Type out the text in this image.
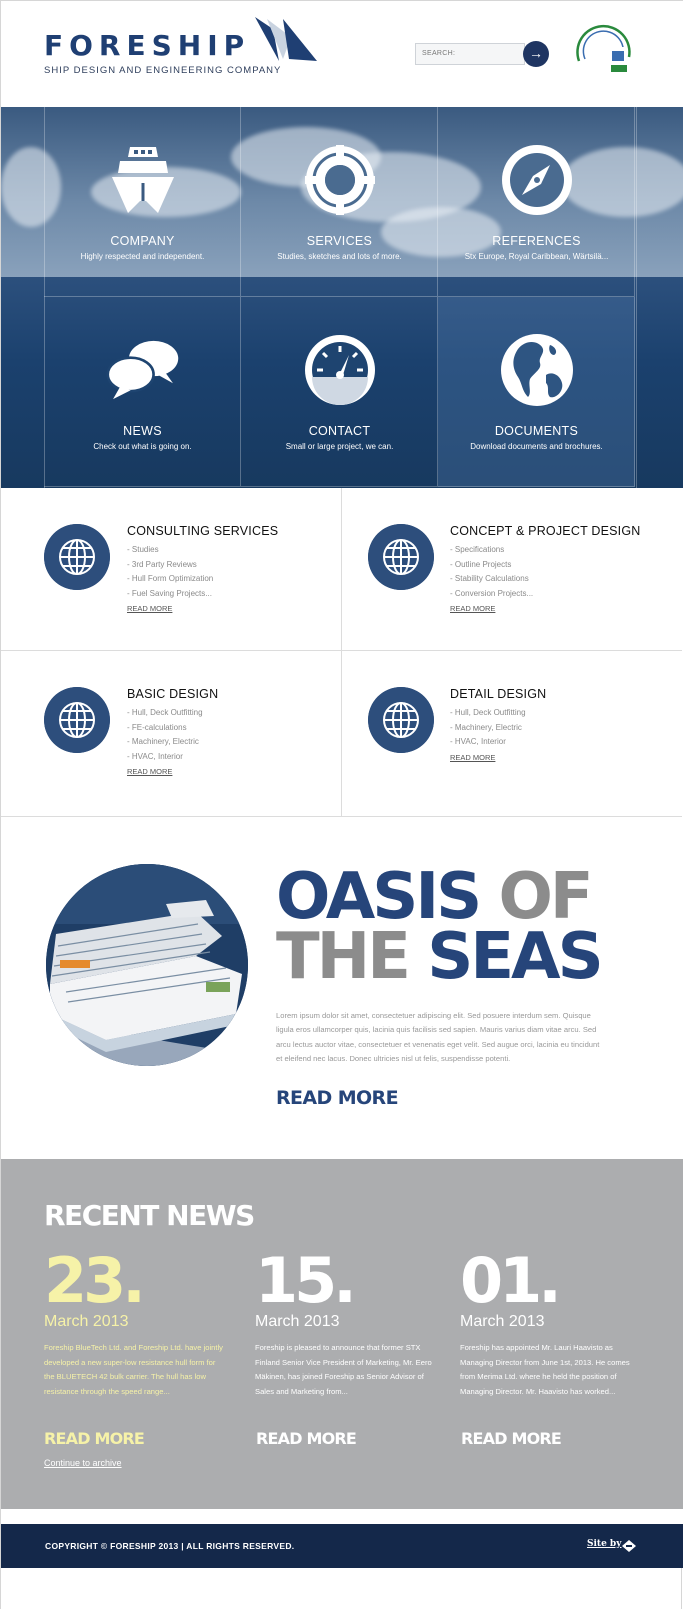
FORESHIP
SHIP DESIGN AND ENGINEERING COMPANY
SEARCH:	→
COMPANY
Highly respected and independent.
SERVICES
Studies, sketches and lots of more.
REFERENCES
Stx Europe, Royal Caribbean, Wärtsilä...
NEWS
Check out what is going on.
CONTACT
Small or large project, we can.
DOCUMENTS
Download documents and brochures.
CONSULTING SERVICES
- Studies
- 3rd Party Reviews
- Hull Form Optimization
- Fuel Saving Projects...
READ MORE
CONCEPT & PROJECT DESIGN
- Specifications
- Outline Projects
- Stability Calculations
- Conversion Projects...
READ MORE
BASIC DESIGN
- Hull, Deck Outfitting
- FE-calculations
- Machinery, Electric
- HVAC, Interior
READ MORE
DETAIL DESIGN
- Hull, Deck Outfitting
- Machinery, Electric
- HVAC, Interior
READ MORE
OASIS OF
THE SEAS
Lorem ipsum dolor sit amet, consectetuer adipiscing elit. Sed posuere interdum sem. Quisque ligula eros ullamcorper quis, lacinia quis facilisis sed sapien. Mauris varius diam vitae arcu. Sed arcu lectus auctor vitae, consectetuer et venenatis eget velit. Sed augue orci, lacinia eu tincidunt et eleifend nec lacus. Donec ultricies nisl ut felis, suspendisse potenti.
READ MORE
RECENT NEWS
23.
March 2013
Foreship BlueTech Ltd. and Foreship Ltd. have jointly developed a new super-low resistance hull form for the BLUETECH 42 bulk carrier. The hull has low resistance through the speed range...
READ MORE
15.
March 2013
Foreship is pleased to announce that former STX Finland Senior Vice President of Marketing, Mr. Eero Mäkinen, has joined Foreship as Senior Advisor of Sales and Marketing from...
READ MORE
01.
March 2013
Foreship has appointed Mr. Lauri Haavisto as Managing Director from June 1st, 2013. He comes from Merima Ltd. where he held the position of Managing Director. Mr. Haavisto has worked...
READ MORE
Continue to archive
COPYRIGHT © FORESHIP 2013 | ALL RIGHTS RESERVED.	Site by
